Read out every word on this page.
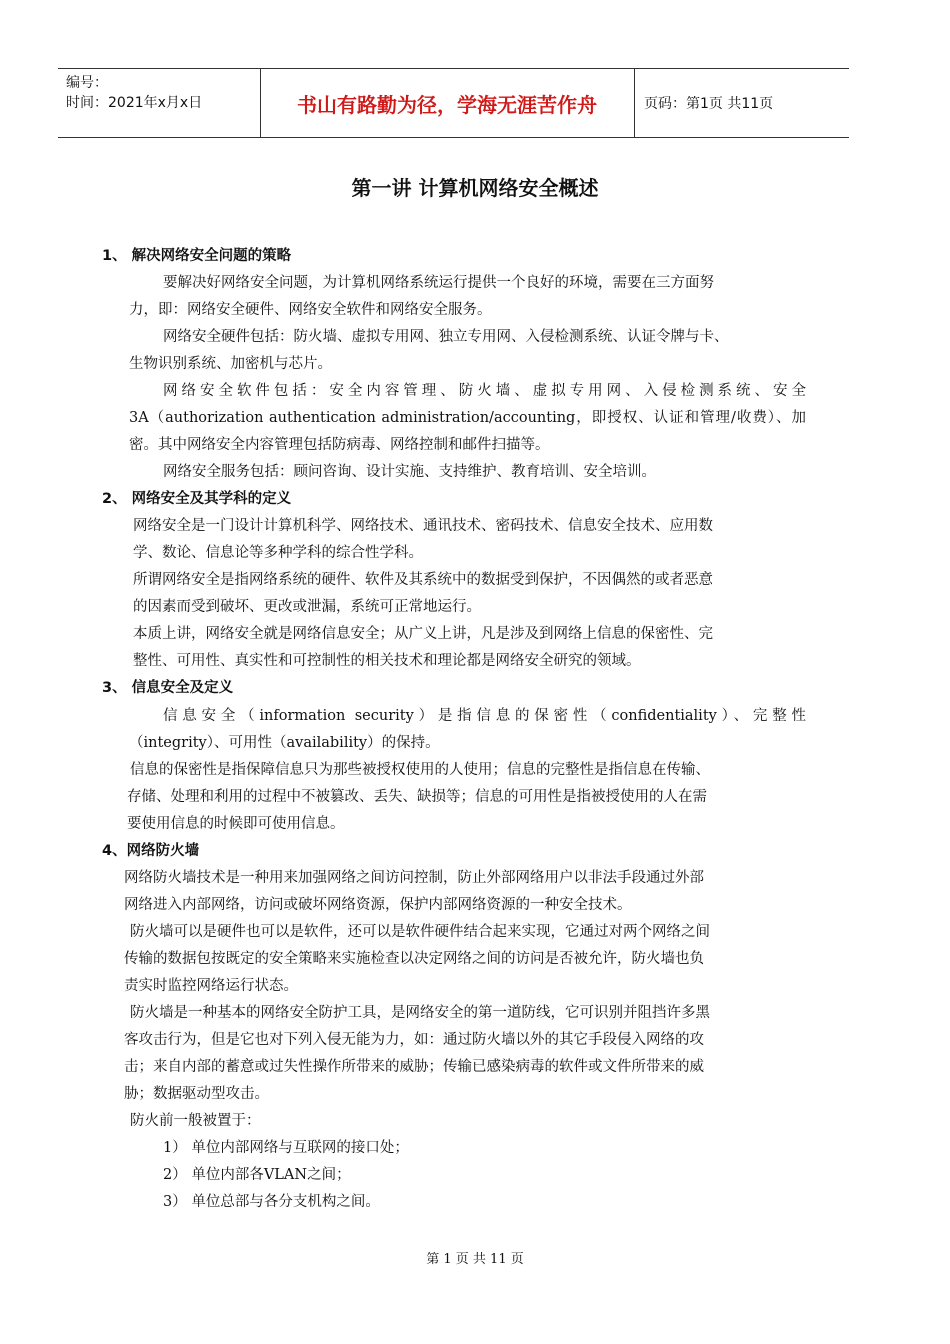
编号：
时间：2021年x月x日	书山有路勤为径，学海无涯苦作舟	页码：第1页 共11页
第一讲 计算机网络安全概述
1、 解决网络安全问题的策略
要解决好网络安全问题，为计算机网络系统运行提供一个良好的环境，需要在三方面努
力，即：网络安全硬件、网络安全软件和网络安全服务。
网络安全硬件包括：防火墙、虚拟专用网、独立专用网、入侵检测系统、认证令牌与卡、
生物识别系统、加密机与芯片。
网络安全软件包括：安全内容管理、防火墙、虚拟专用网、入侵检测系统、安全
3A（authorization authentication administration/accounting，即授权、认证和管理/收费）、加
密。其中网络安全内容管理包括防病毒、网络控制和邮件扫描等。
网络安全服务包括：顾问咨询、设计实施、支持维护、教育培训、安全培训。
2、 网络安全及其学科的定义
网络安全是一门设计计算机科学、网络技术、通讯技术、密码技术、信息安全技术、应用数
学、数论、信息论等多种学科的综合性学科。
所谓网络安全是指网络系统的硬件、软件及其系统中的数据受到保护，不因偶然的或者恶意
的因素而受到破坏、更改或泄漏，系统可正常地运行。
本质上讲，网络安全就是网络信息安全；从广义上讲，凡是涉及到网络上信息的保密性、完
整性、可用性、真实性和可控制性的相关技术和理论都是网络安全研究的领域。
3、 信息安全及定义
信息安全（information security）是指信息的保密性（confidentiality）、完整性
（integrity）、可用性（availability）的保持。
信息的保密性是指保障信息只为那些被授权使用的人使用；信息的完整性是指信息在传输、
存储、处理和利用的过程中不被篡改、丢失、缺损等；信息的可用性是指被授使用的人在需
要使用信息的时候即可使用信息。
4、网络防火墙
网络防火墙技术是一种用来加强网络之间访问控制，防止外部网络用户以非法手段通过外部
网络进入内部网络，访问或破坏网络资源，保护内部网络资源的一种安全技术。
防火墙可以是硬件也可以是软件，还可以是软件硬件结合起来实现，它通过对两个网络之间
传输的数据包按既定的安全策略来实施检查以决定网络之间的访问是否被允许，防火墙也负
责实时监控网络运行状态。
防火墙是一种基本的网络安全防护工具，是网络安全的第一道防线，它可识别并阻挡许多黑
客攻击行为，但是它也对下列入侵无能为力，如：通过防火墙以外的其它手段侵入网络的攻
击；来自内部的蓄意或过失性操作所带来的威胁；传输已感染病毒的软件或文件所带来的威
胁；数据驱动型攻击。
防火前一般被置于：
1） 单位内部网络与互联网的接口处；
2） 单位内部各VLAN之间；
3） 单位总部与各分支机构之间。
第 1 页 共 11 页
